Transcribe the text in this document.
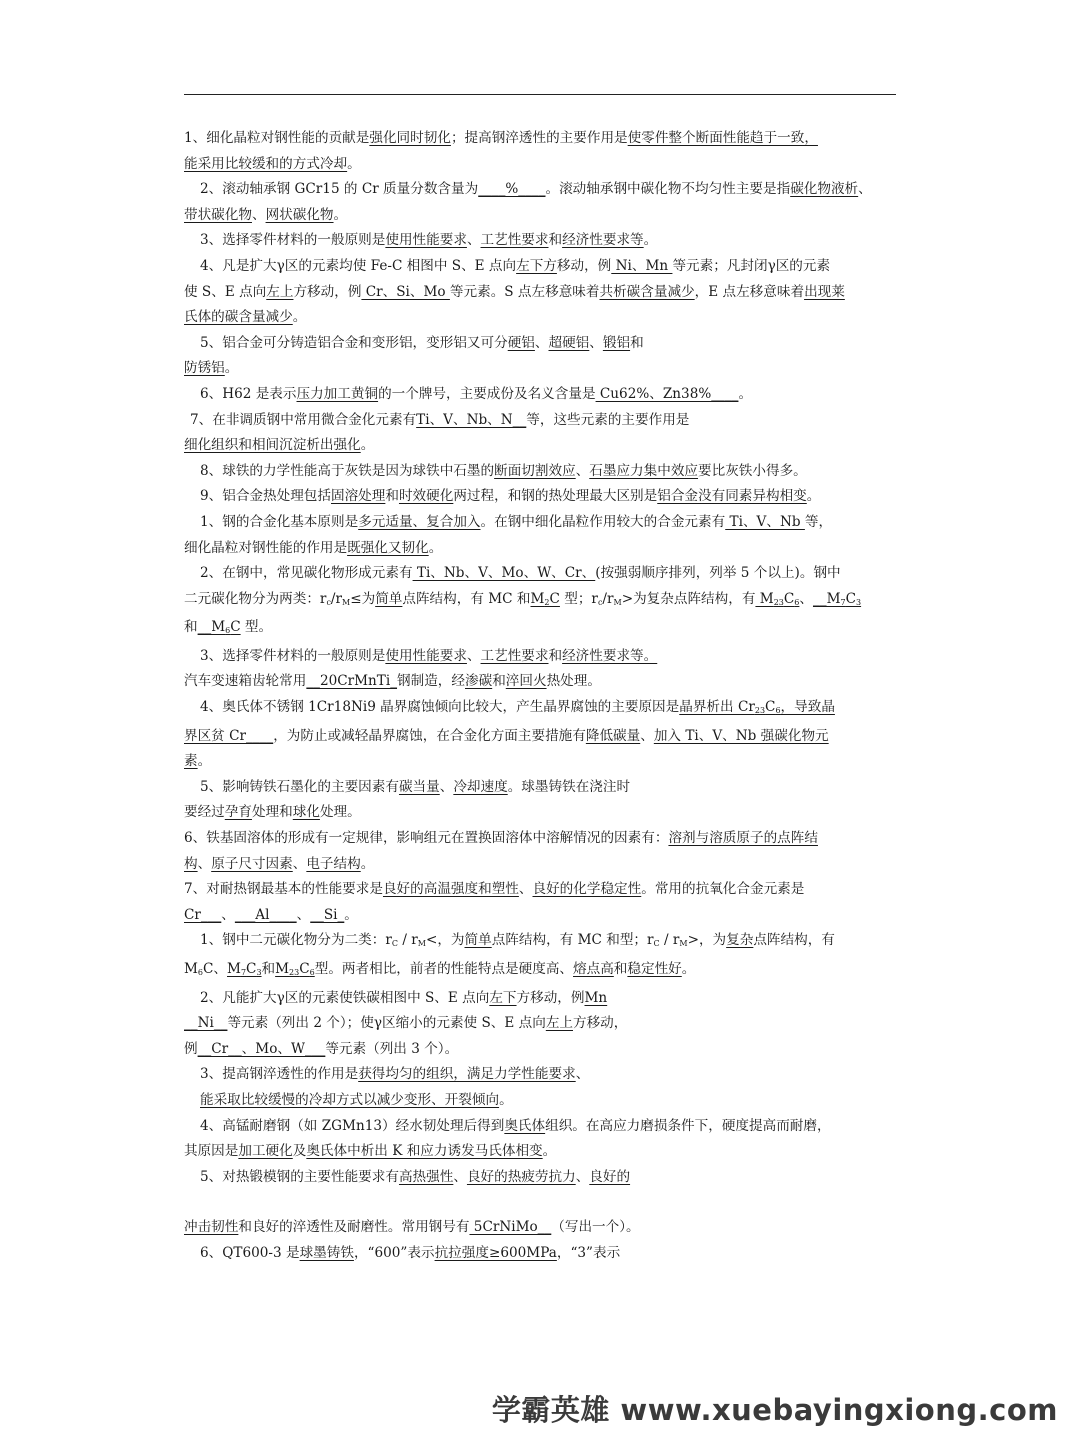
1、细化晶粒对钢性能的贡献是强化同时韧化；提高钢淬透性的主要作用是使零件整个断面性能趋于一致，

能采用比较缓和的方式冷却。

2、滚动轴承钢 GCr15 的 Cr 质量分数含量为____%____。滚动轴承钢中碳化物不均匀性主要是指碳化物液析、

带状碳化物、网状碳化物。

3、选择零件材料的一般原则是使用性能要求、工艺性要求和经济性要求等。

4、凡是扩大γ区的元素均使 Fe-C 相图中 S、E 点向左下方移动，例 Ni、Mn 等元素；凡封闭γ区的元素

使 S、E 点向左上方移动，例 Cr、Si、Mo 等元素。S 点左移意味着共析碳含量减少，E 点左移意味着出现莱

氏体的碳含量减少。

5、铝合金可分铸造铝合金和变形铝，变形铝又可分硬铝、超硬铝、锻铝和

防锈铝。

6、H62 是表示压力加工黄铜的一个牌号，主要成份及名义含量是 Cu62%、Zn38%____。

7、在非调质钢中常用微合金化元素有Ti、V、Nb、N__等，这些元素的主要作用是

细化组织和相间沉淀析出强化。

8、球铁的力学性能高于灰铁是因为球铁中石墨的断面切割效应、石墨应力集中效应要比灰铁小得多。

9、铝合金热处理包括固溶处理和时效硬化两过程，和钢的热处理最大区别是铝合金没有同素异构相变。

1、钢的合金化基本原则是多元适量、复合加入。在钢中细化晶粒作用较大的合金元素有 Ti、V、Nb 等，

细化晶粒对钢性能的作用是既强化又韧化。

2、在钢中，常见碳化物形成元素有 Ti、Nb、V、Mo、W、Cr、(按强弱顺序排列，列举 5 个以上)。钢中

二元碳化物分为两类：$r_c/r_M\le$为简单点阵结构，有 MC 和$M_2C$ 型；$r_c/r_M>$为复杂点阵结构，有 $M_{23}C_6$、$\_\_M_7C_3$

和$\_\_M_6C$ 型。

3、选择零件材料的一般原则是使用性能要求、工艺性要求和经济性要求等。

汽车变速箱齿轮常用__20CrMnTi_钢制造，经渗碳和淬回火热处理。

4、奥氏体不锈钢 1Cr18Ni9 晶界腐蚀倾向比较大，产生晶界腐蚀的主要原因是晶界析出 $Cr_{23}C_6$，导致晶

界区贫 Cr____，为防止或减轻晶界腐蚀，在合金化方面主要措施有降低碳量、加入 Ti、V、Nb 强碳化物元

素。

5、影响铸铁石墨化的主要因素有碳当量、冷却速度。球墨铸铁在浇注时

要经过孕育处理和球化处理。

6、铁基固溶体的形成有一定规律，影响组元在置换固溶体中溶解情况的因素有：溶剂与溶质原子的点阵结

构、原子尺寸因素、电子结构。

7、对耐热钢最基本的性能要求是良好的高温强度和塑性、良好的化学稳定性。常用的抗氧化合金元素是

Cr___、___Al____、__Si_。

1、钢中二元碳化物分为二类：$r_C / r_M<$，为简单点阵结构，有 MC 和型；$r_C / r_M>$，为复杂点阵结构，有

$M_6C$、$M_7C_3$和$M_{23}C_6$型。两者相比，前者的性能特点是硬度高、熔点高和稳定性好。

2、凡能扩大γ区的元素使铁碳相图中 S、E 点向左下方移动，例Mn

__Ni__等元素（列出 2 个）；使γ区缩小的元素使 S、E 点向左上方移动，

例__Cr__、Mo、W___等元素（列出 3 个）。

3、提高钢淬透性的作用是获得均匀的组织，满足力学性能要求、

能采取比较缓慢的冷却方式以减少变形、开裂倾向。

4、高锰耐磨钢（如 ZGMn13）经水韧处理后得到奥氏体组织。在高应力磨损条件下，硬度提高而耐磨，

其原因是加工硬化及奥氏体中析出 K 和应力诱发马氏体相变。

5、对热锻模钢的主要性能要求有高热强性、良好的热疲劳抗力、良好的

冲击韧性和良好的淬透性及耐磨性。常用钢号有 5CrNiMo__（写出一个）。

6、QT600-3 是球墨铸铁，“600”表示抗拉强度≥600MPa，“3”表示

学霸英雄 www.xuebayingxiong.com
